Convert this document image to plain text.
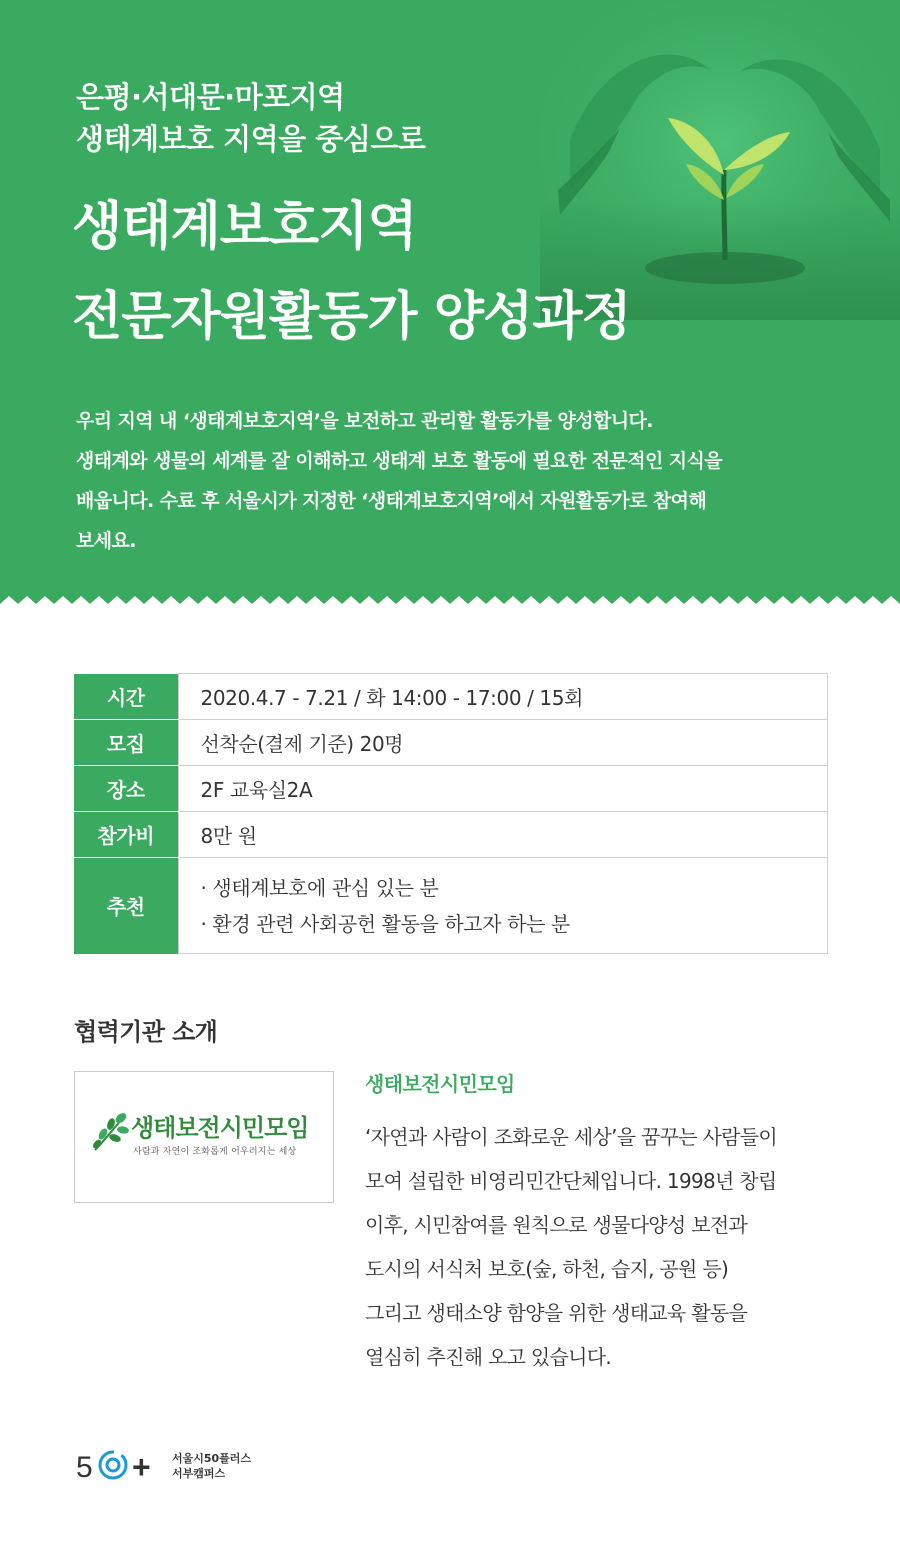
은평·서대문·마포지역
생태계보호 지역을 중심으로
생태계보호지역
전문자원활동가 양성과정
우리 지역 내 ‘생태계보호지역’을 보전하고 관리할 활동가를 양성합니다.
생태계와 생물의 세계를 잘 이해하고 생태계 보호 활동에 필요한 전문적인 지식을
배웁니다. 수료 후 서울시가 지정한 ‘생태계보호지역’에서 자원활동가로 참여해
보세요.
시간	2020.4.7 - 7.21 / 화 14:00 - 17:00 / 15회
모집	선착순(결제 기준) 20명
장소	2F 교육실2A
참가비	8만 원
추천	· 생태계보호에 관심 있는 분
· 환경 관련 사회공헌 활동을 하고자 하는 분
협력기관 소개
생태보전시민모임
사람과 자연이 조화롭게 어우러지는 세상
생태보전시민모임
‘자연과 사람이 조화로운 세상’을 꿈꾸는 사람들이
모여 설립한 비영리민간단체입니다. 1998년 창립
이후, 시민참여를 원칙으로 생물다양성 보전과
도시의 서식처 보호(숲, 하천, 습지, 공원 등)
그리고 생태소양 함양을 위한 생태교육 활동을
열심히 추진해 오고 있습니다.
5 + 서울시50플러스
서부캠퍼스
